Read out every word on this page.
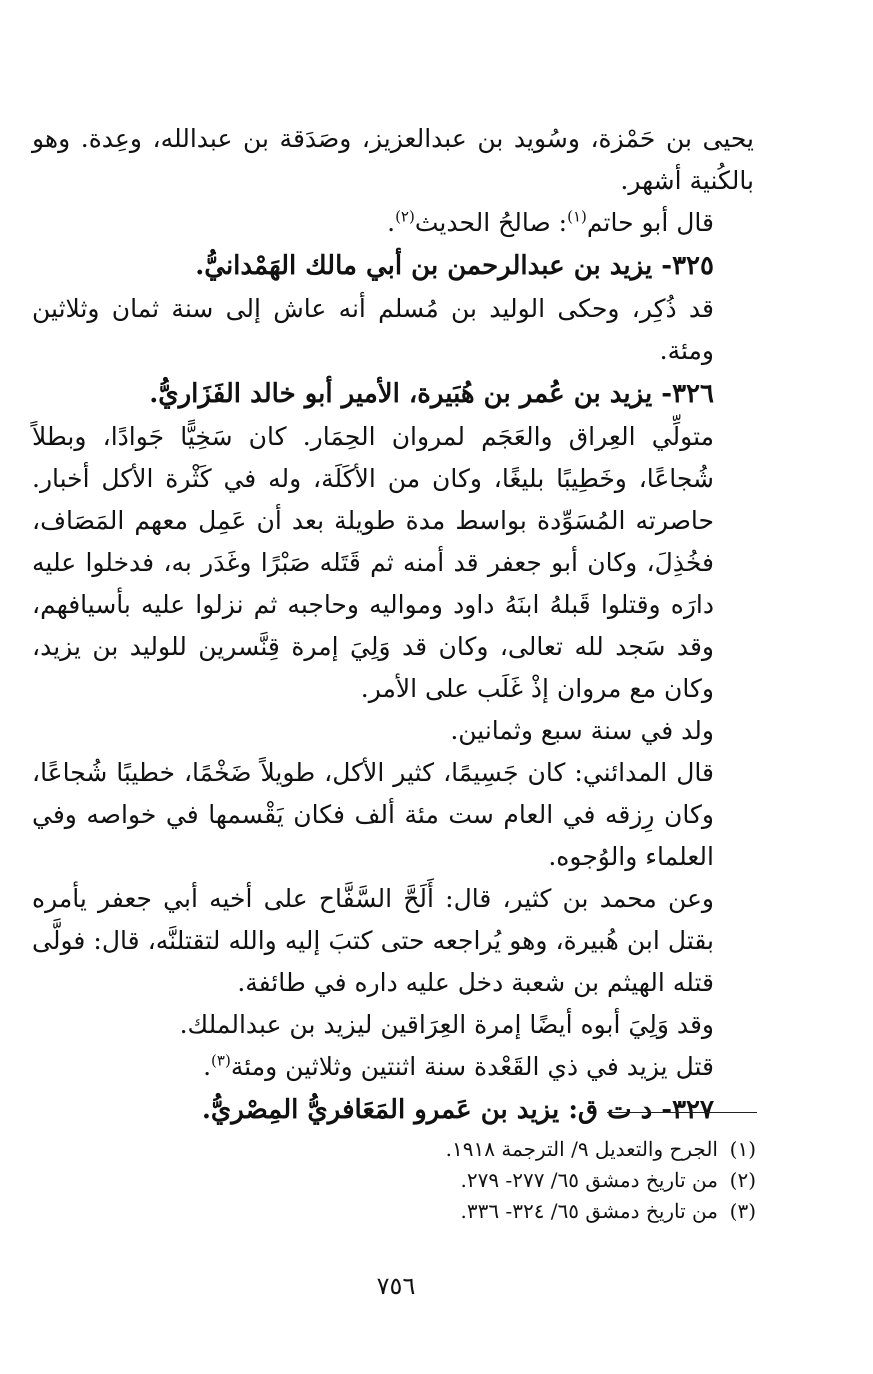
يحيى بن حَمْزة، وسُويد بن عبدالعزيز، وصَدَقة بن عبدالله، وعِدة. وهو بالكُنية أشهر.

قال أبو حاتم$^{(١)}$: صالحُ الحديث$^{(٢)}$.

٣٢٥- يزيد بن عبدالرحمن بن أبي مالك الهَمْدانيُّ.

قد ذُكِر، وحكى الوليد بن مُسلم أنه عاش إلى سنة ثمان وثلاثين ومئة.

٣٢٦- يزيد بن عُمر بن هُبَيرة، الأمير أبو خالد الفَزَاريُّ.

متولِّي العِراق والعَجَم لمروان الحِمَار. كان سَخِيًّا جَوادًا، وبطلاً شُجاعًا، وخَطِيبًا بليغًا، وكان من الأكَلَة، وله في كَثْرة الأكل أخبار. حاصرته المُسَوِّدة بواسط مدة طويلة بعد أن عَمِل معهم المَصَاف، فخُذِلَ، وكان أبو جعفر قد أمنه ثم قَتَله صَبْرًا وغَدَر به، فدخلوا عليه دارَه وقتلوا قَبلهُ ابنَهُ داود ومواليه وحاجبه ثم نزلوا عليه بأسيافهم، وقد سَجد لله تعالى، وكان قد وَلِيَ إمرة قِنَّسرين للوليد بن يزيد، وكان مع مروان إذْ غَلَب على الأمر.

ولد في سنة سبع وثمانين.

قال المدائني: كان جَسِيمًا، كثير الأكل، طويلاً ضَخْمًا، خطيبًا شُجاعًا، وكان رِزقه في العام ست مئة ألف فكان يَقْسمها في خواصه وفي العلماء والوُجوه.

وعن محمد بن كثير، قال: أَلَحَّ السَّفَّاح على أخيه أبي جعفر يأمره بقتل ابن هُبيرة، وهو يُراجعه حتى كتبَ إليه والله لتقتلنَّه، قال: فولَّى قتله الهيثم بن شعبة دخل عليه داره في طائفة.

وقد وَلِيَ أبوه أيضًا إمرة العِرَاقين ليزيد بن عبدالملك.

قتل يزيد في ذي القَعْدة سنة اثنتين وثلاثين ومئة$^{(٣)}$.

٣٢٧- د ت ق: يزيد بن عَمرو المَعَافريُّ المِصْريُّ.

(١)الجرح والتعديل ٩/ الترجمة ١٩١٨.

(٢)من تاريخ دمشق ٦٥/ ٢٧٧- ٢٧٩.

(٣)من تاريخ دمشق ٦٥/ ٣٢٤- ٣٣٦.

٧٥٦
